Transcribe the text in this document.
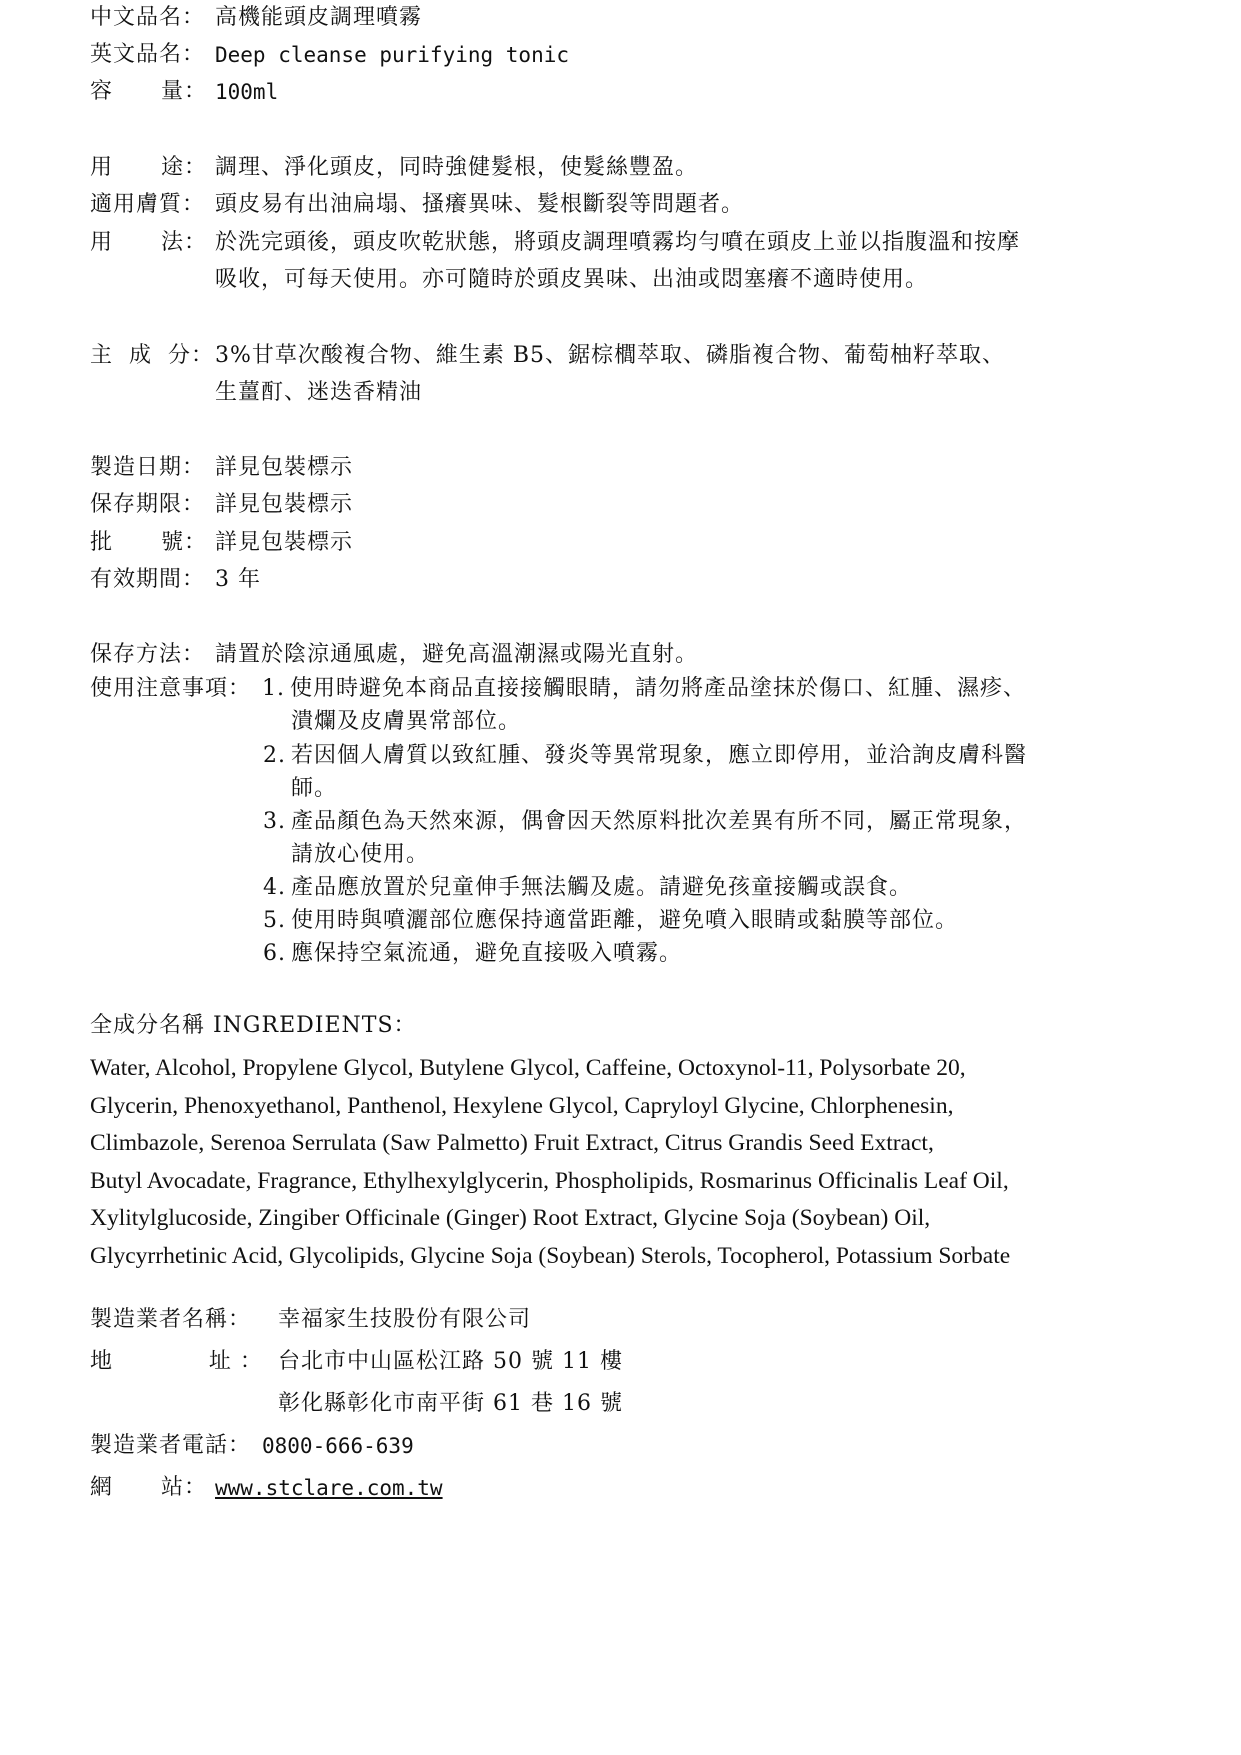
中文品名： 高機能頭皮調理噴霧
英文品名： Deep cleanse purifying tonic
容      量： 100ml
用      途： 調理、淨化頭皮，同時強健髮根，使髮絲豐盈。
適用膚質： 頭皮易有出油扁塌、搔癢異味、髮根斷裂等問題者。
用      法： 於洗完頭後，頭皮吹乾狀態，將頭皮調理噴霧均勻噴在頭皮上並以指腹溫和按摩
吸收，可每天使用。亦可隨時於頭皮異味、出油或悶塞癢不適時使用。
主  成  分：3%甘草次酸複合物、維生素 B5、鋸棕櫚萃取、磷脂複合物、葡萄柚籽萃取、
生薑酊、迷迭香精油
製造日期： 詳見包裝標示
保存期限： 詳見包裝標示
批      號： 詳見包裝標示
有效期間： 3 年
保存方法： 請置於陰涼通風處，避免高溫潮濕或陽光直射。
使用注意事項： 1. 使用時避免本商品直接接觸眼睛，請勿將產品塗抹於傷口、紅腫、濕疹、
潰爛及皮膚異常部位。
2. 若因個人膚質以致紅腫、發炎等異常現象，應立即停用，並洽詢皮膚科醫
師。
3. 產品顏色為天然來源，偶會因天然原料批次差異有所不同，屬正常現象，
請放心使用。
4. 產品應放置於兒童伸手無法觸及處。請避免孩童接觸或誤食。
5. 使用時與噴灑部位應保持適當距離，避免噴入眼睛或黏膜等部位。
6. 應保持空氣流通，避免直接吸入噴霧。
全成分名稱 INGREDIENTS：
Water, Alcohol, Propylene Glycol, Butylene Glycol, Caffeine, Octoxynol-11, Polysorbate 20,
Glycerin, Phenoxyethanol, Panthenol, Hexylene Glycol, Capryloyl Glycine, Chlorphenesin,
Climbazole, Serenoa Serrulata (Saw Palmetto) Fruit Extract, Citrus Grandis Seed Extract,
Butyl Avocadate, Fragrance, Ethylhexylglycerin, Phospholipids, Rosmarinus Officinalis Leaf Oil,
Xylitylglucoside, Zingiber Officinale (Ginger) Root Extract, Glycine Soja (Soybean) Oil,
Glycyrrhetinic Acid, Glycolipids, Glycine Soja (Soybean) Sterols, Tocopherol, Potassium Sorbate
製造業者名稱： 幸福家生技股份有限公司
地            址 ： 台北市中山區松江路 50 號 11 樓
彰化縣彰化市南平街 61 巷 16 號
製造業者電話： 0800-666-639
網      站： www.stclare.com.tw
